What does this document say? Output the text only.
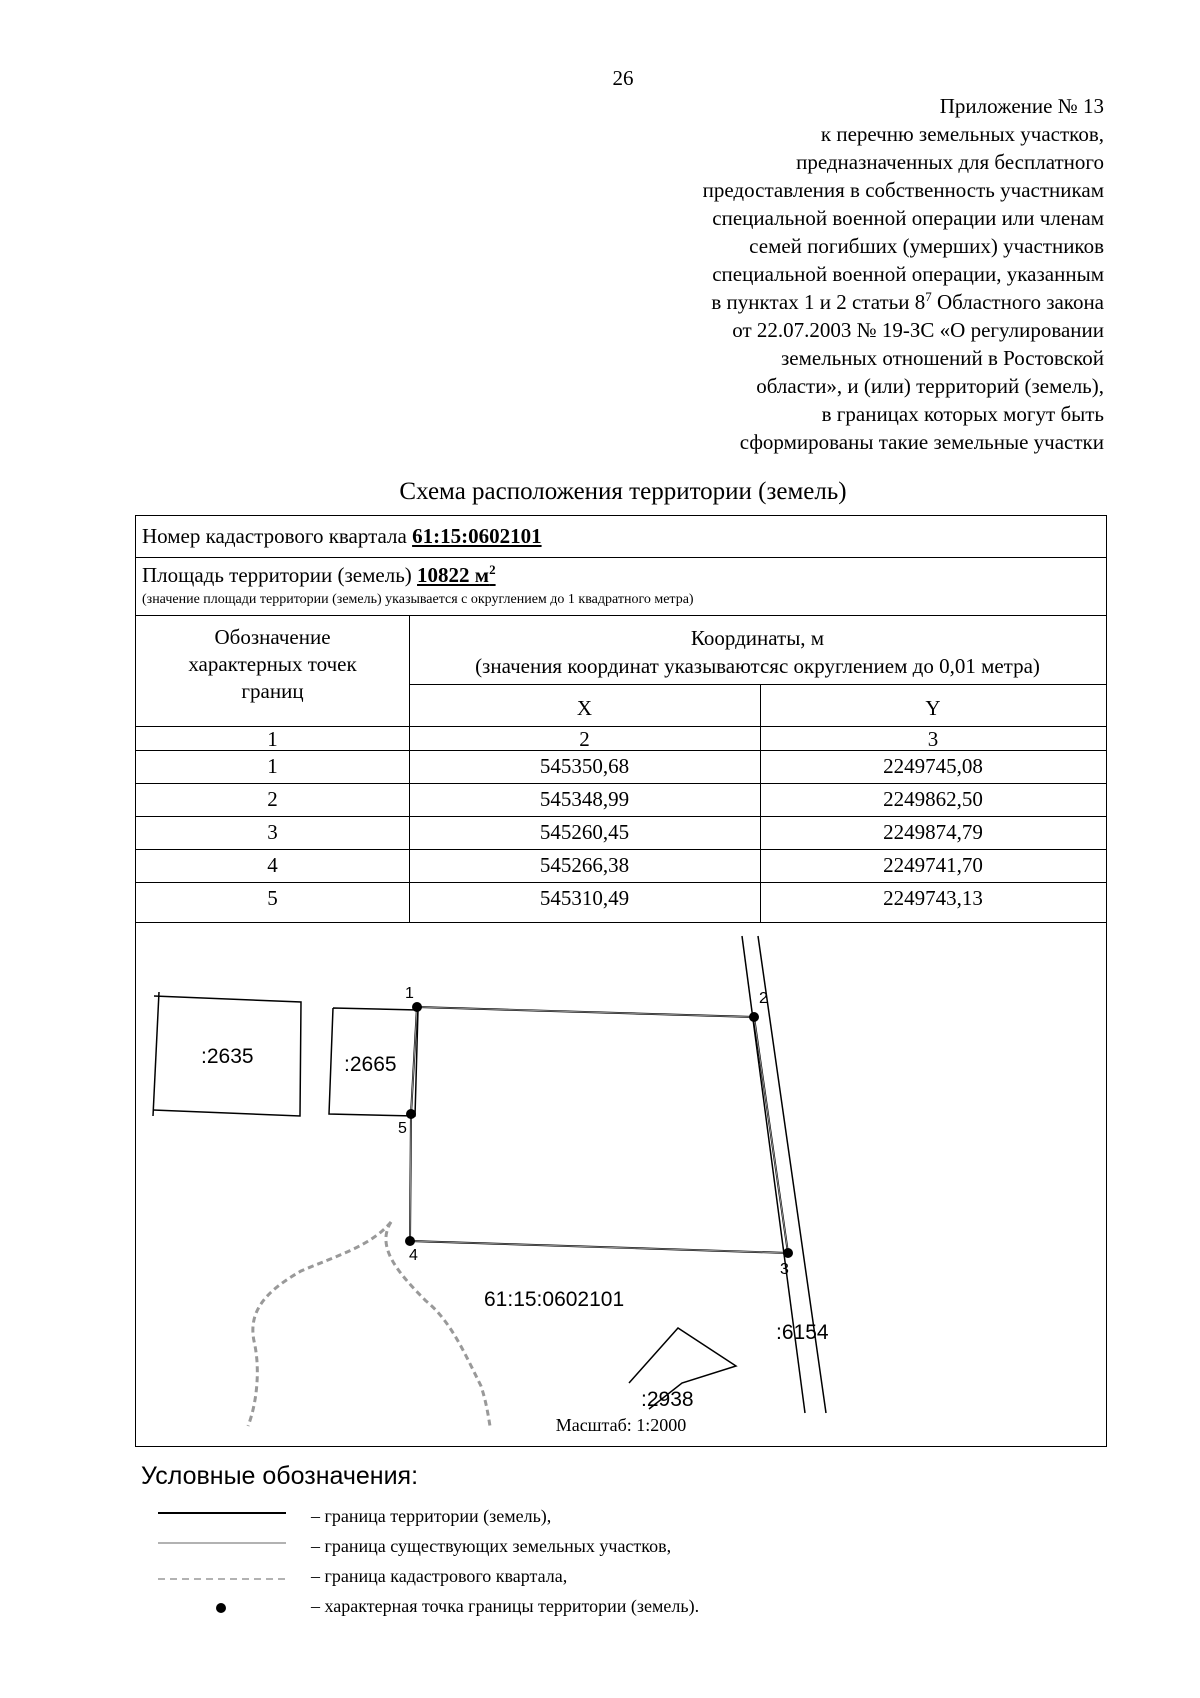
26
Приложение № 13
к перечню земельных участков,
предназначенных для бесплатного
предоставления в собственность участникам
специальной военной операции или членам
семей погибших (умерших) участников
специальной военной операции, указанным
в пунктах 1 и 2 статьи $8^7$ Областного закона
от 22.07.2003 № 19-ЗС «О регулировании
земельных отношений в Ростовской
области», и (или) территорий (земель),
в границах которых могут быть
сформированы такие земельные участки
Схема расположения территории (земель)
Номер кадастрового квартала 61:15:0602101
Площадь территории (земель) 10822 $м^2$
(значение площади территории (земель) указывается с округлением до 1 квадратного метра)
Обозначение
характерных точек
границ
Координаты, м
(значения координат указываютсяс округлением до 0,01 метра)
X	Y
1	2	3
1	545350,68	2249745,08
2	545348,99	2249862,50
3	545260,45	2249874,79
4	545266,38	2249741,70
5	545310,49	2249743,13
1	2
3
4
5
:2635	:2665
:2938
:6154
61:15:0602101
Масштаб: 1:2000
Условные обозначения:
– граница территории (земель),
– граница существующих земельных участков,
– граница кадастрового квартала,
– характерная точка границы территории (земель).
